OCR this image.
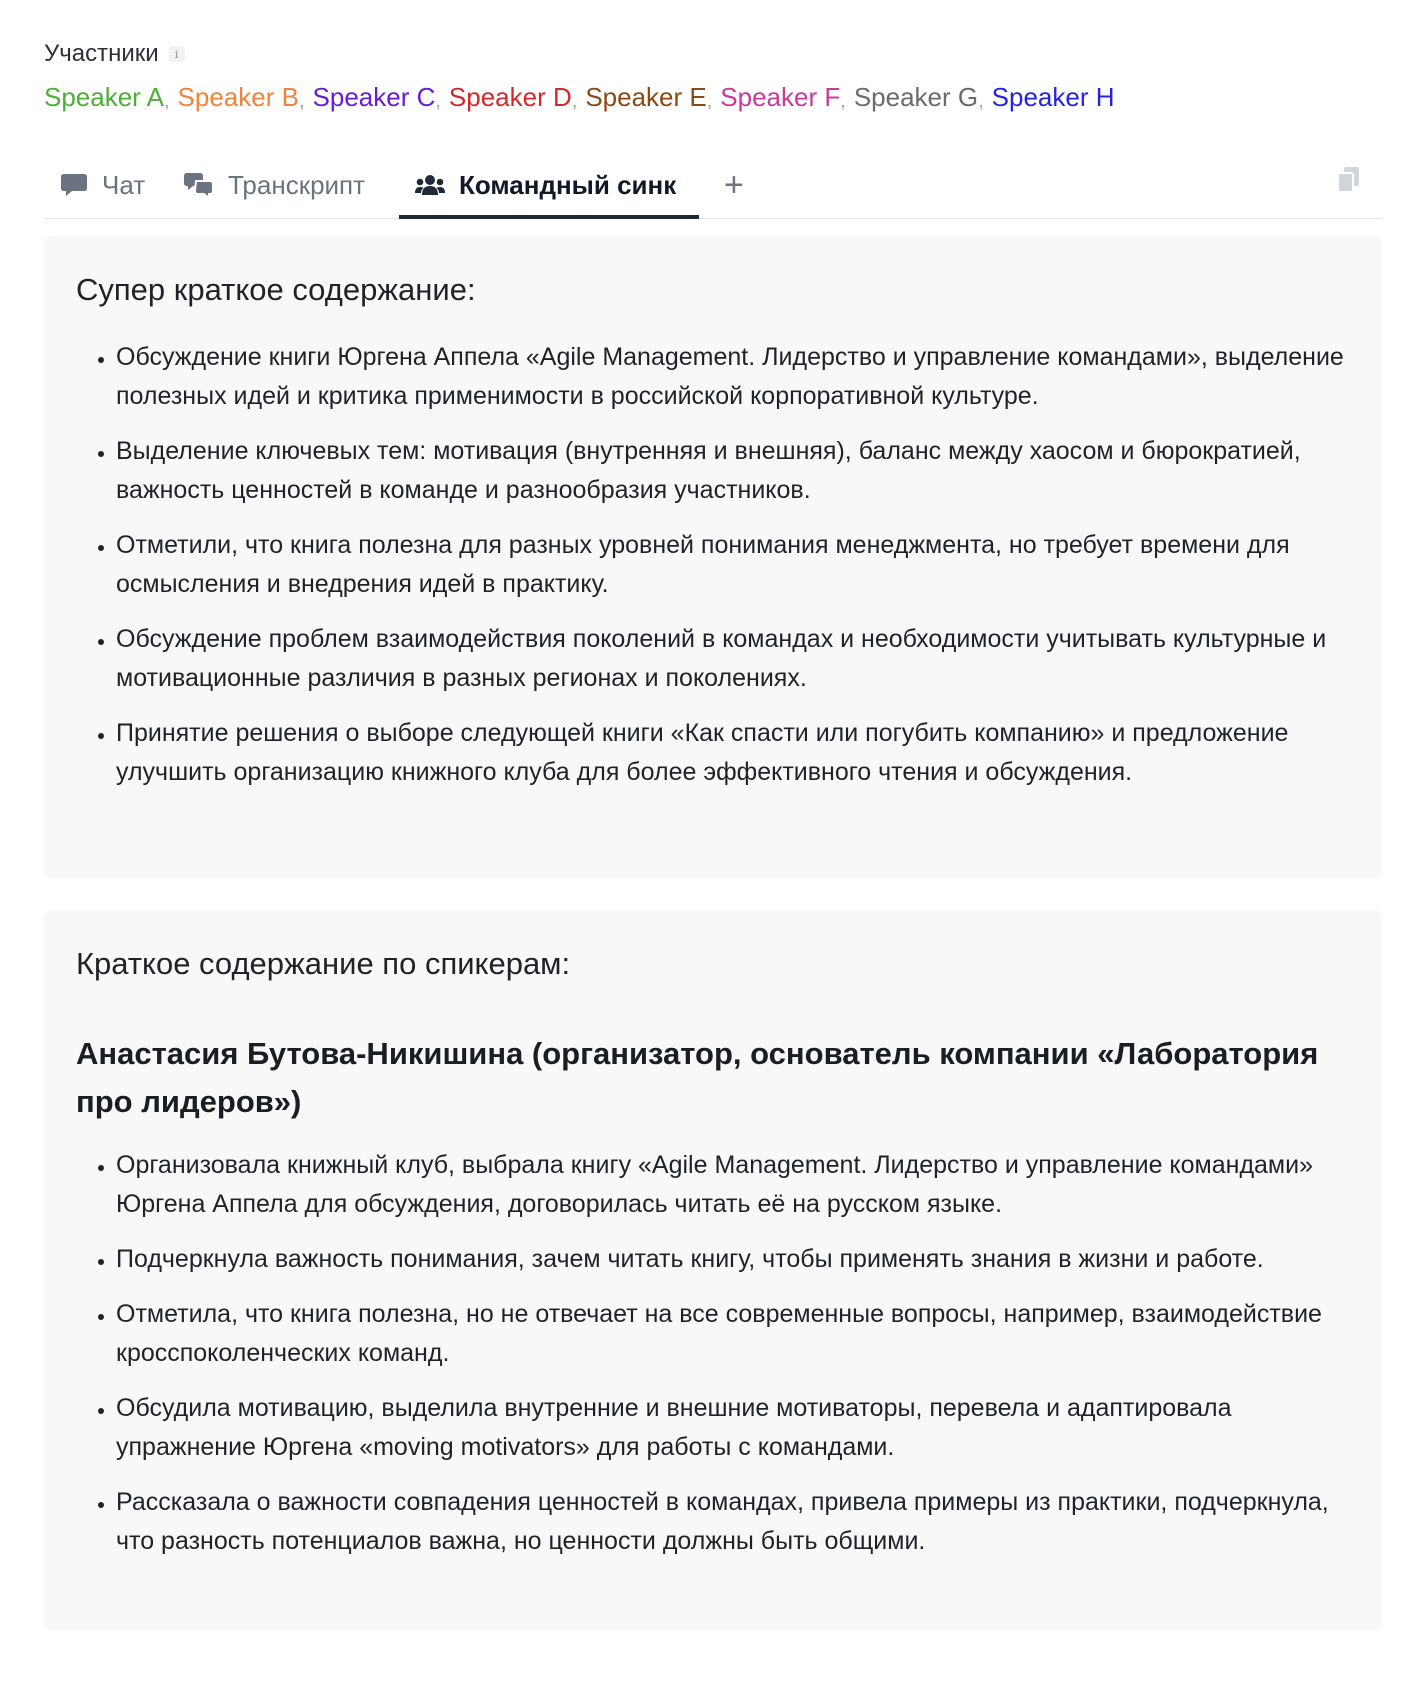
Участники	i
Speaker A , Speaker B , Speaker C , Speaker D , Speaker E , Speaker F , Speaker G , Speaker H
Чат	Транскрипт	Командный синк +
Супер краткое содержание:
• Обсуждение книги Юргена Аппела «Agile Management. Лидерство и управление командами», выделение полезных идей и критика применимости в российской корпоративной культуре.
• Выделение ключевых тем: мотивация (внутренняя и внешняя), баланс между хаосом и бюрократией, важность ценностей в команде и разнообразия участников.
• Отметили, что книга полезна для разных уровней понимания менеджмента, но требует времени для осмысления и внедрения идей в практику.
• Обсуждение проблем взаимодействия поколений в командах и необходимости учитывать культурные и мотивационные различия в разных регионах и поколениях.
• Принятие решения о выборе следующей книги «Как спасти или погубить компанию» и предложение улучшить организацию книжного клуба для более эффективного чтения и обсуждения.
Краткое содержание по спикерам:
Анастасия Бутова-Никишина (организатор, основатель компании «Лаборатория про лидеров»)
• Организовала книжный клуб, выбрала книгу «Agile Management. Лидерство и управление командами» Юргена Аппела для обсуждения, договорилась читать её на русском языке.
• Подчеркнула важность понимания, зачем читать книгу, чтобы применять знания в жизни и работе.
• Отметила, что книга полезна, но не отвечает на все современные вопросы, например, взаимодействие кросспоколенческих команд.
• Обсудила мотивацию, выделила внутренние и внешние мотиваторы, перевела и адаптировала упражнение Юргена «moving motivators» для работы с командами.
• Рассказала о важности совпадения ценностей в командах, привела примеры из практики, подчеркнула, что разность потенциалов важна, но ценности должны быть общими.
